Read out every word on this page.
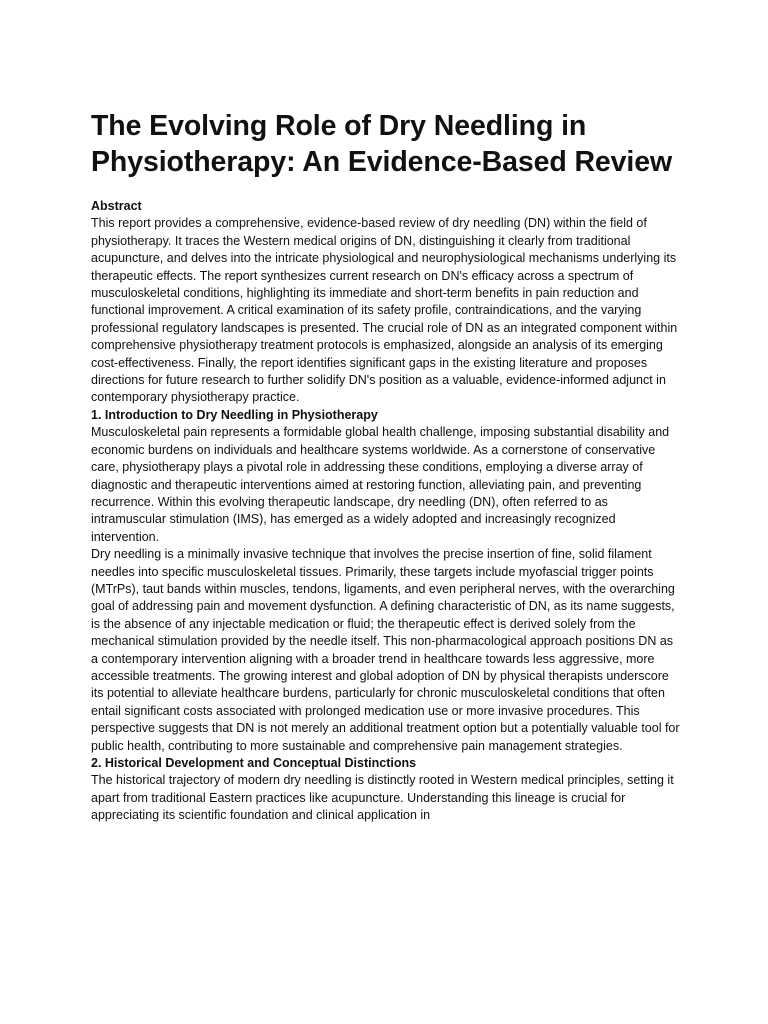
The Evolving Role of Dry Needling in Physiotherapy: An Evidence-Based Review

Abstract

This report provides a comprehensive, evidence-based review of dry needling (DN) within the field of physiotherapy. It traces the Western medical origins of DN, distinguishing it clearly from traditional acupuncture, and delves into the intricate physiological and neurophysiological mechanisms underlying its therapeutic effects. The report synthesizes current research on DN's efficacy across a spectrum of musculoskeletal conditions, highlighting its immediate and short-term benefits in pain reduction and functional improvement. A critical examination of its safety profile, contraindications, and the varying professional regulatory landscapes is presented. The crucial role of DN as an integrated component within comprehensive physiotherapy treatment protocols is emphasized, alongside an analysis of its emerging cost-effectiveness. Finally, the report identifies significant gaps in the existing literature and proposes directions for future research to further solidify DN's position as a valuable, evidence-informed adjunct in contemporary physiotherapy practice.

1. Introduction to Dry Needling in Physiotherapy

Musculoskeletal pain represents a formidable global health challenge, imposing substantial disability and economic burdens on individuals and healthcare systems worldwide. As a cornerstone of conservative care, physiotherapy plays a pivotal role in addressing these conditions, employing a diverse array of diagnostic and therapeutic interventions aimed at restoring function, alleviating pain, and preventing recurrence. Within this evolving therapeutic landscape, dry needling (DN), often referred to as intramuscular stimulation (IMS), has emerged as a widely adopted and increasingly recognized intervention.

Dry needling is a minimally invasive technique that involves the precise insertion of fine, solid filament needles into specific musculoskeletal tissues. Primarily, these targets include myofascial trigger points (MTrPs), taut bands within muscles, tendons, ligaments, and even peripheral nerves, with the overarching goal of addressing pain and movement dysfunction. A defining characteristic of DN, as its name suggests, is the absence of any injectable medication or fluid; the therapeutic effect is derived solely from the mechanical stimulation provided by the needle itself. This non-pharmacological approach positions DN as a contemporary intervention aligning with a broader trend in healthcare towards less aggressive, more accessible treatments. The growing interest and global adoption of DN by physical therapists underscore its potential to alleviate healthcare burdens, particularly for chronic musculoskeletal conditions that often entail significant costs associated with prolonged medication use or more invasive procedures. This perspective suggests that DN is not merely an additional treatment option but a potentially valuable tool for public health, contributing to more sustainable and comprehensive pain management strategies.

2. Historical Development and Conceptual Distinctions

The historical trajectory of modern dry needling is distinctly rooted in Western medical principles, setting it apart from traditional Eastern practices like acupuncture. Understanding this lineage is crucial for appreciating its scientific foundation and clinical application in
